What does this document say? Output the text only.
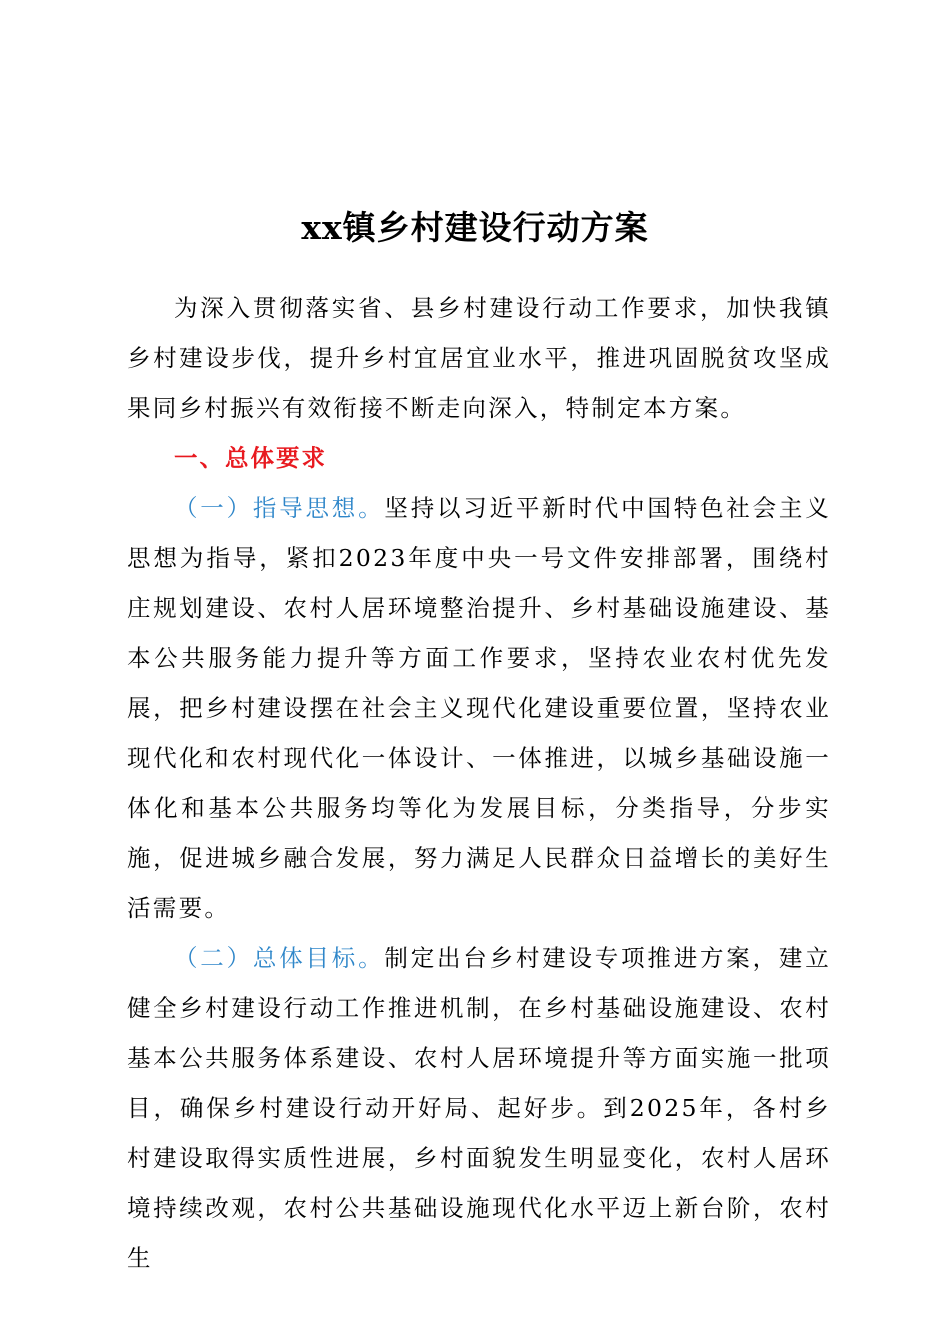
xx镇乡村建设行动方案

为深入贯彻落实省、县乡村建设行动工作要求，加快我镇乡村建设步伐，提升乡村宜居宜业水平，推进巩固脱贫攻坚成果同乡村振兴有效衔接不断走向深入，特制定本方案。

一、总体要求

（一）指导思想。坚持以习近平新时代中国特色社会主义思想为指导，紧扣2023年度中央一号文件安排部署，围绕村庄规划建设、农村人居环境整治提升、乡村基础设施建设、基本公共服务能力提升等方面工作要求，坚持农业农村优先发展，把乡村建设摆在社会主义现代化建设重要位置，坚持农业现代化和农村现代化一体设计、一体推进，以城乡基础设施一体化和基本公共服务均等化为发展目标，分类指导，分步实施，促进城乡融合发展，努力满足人民群众日益增长的美好生活需要。

（二）总体目标。制定出台乡村建设专项推进方案，建立健全乡村建设行动工作推进机制，在乡村基础设施建设、农村基本公共服务体系建设、农村人居环境提升等方面实施一批项目，确保乡村建设行动开好局、起好步。到2025年，各村乡村建设取得实质性进展，乡村面貌发生明显变化，农村人居环境持续改观，农村公共基础设施现代化水平迈上新台阶，农村生
